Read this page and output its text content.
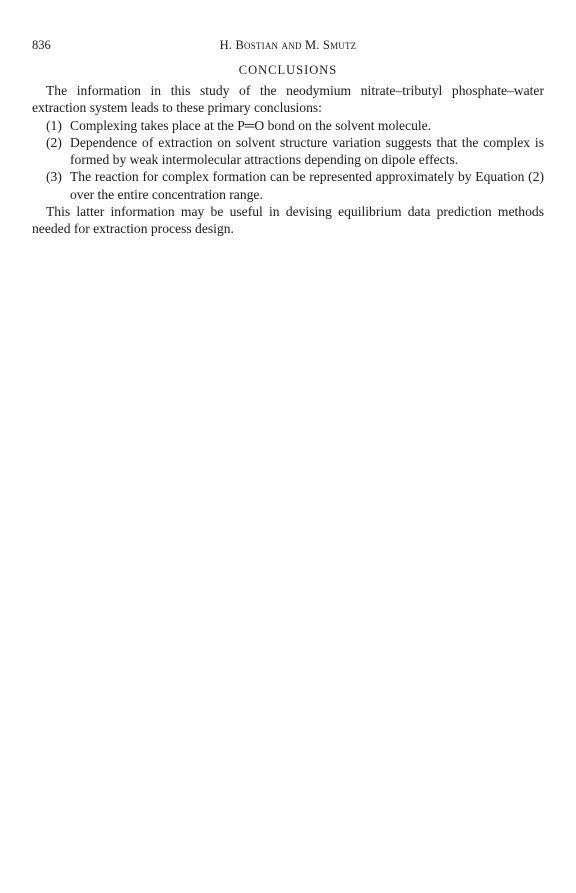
836	H. Bostian and M. Smutz
CONCLUSIONS

The information in this study of the neodymium nitrate–tributyl phosphate–water extraction system leads to these primary conclusions:

(1) Complexing takes place at the P═O bond on the solvent molecule.
(2) Dependence of extraction on solvent structure variation suggests that the complex is formed by weak intermolecular attractions depending on dipole effects.
(3) The reaction for complex formation can be represented approximately by Equation (2) over the entire concentration range.

This latter information may be useful in devising equilibrium data prediction methods needed for extraction process design.
